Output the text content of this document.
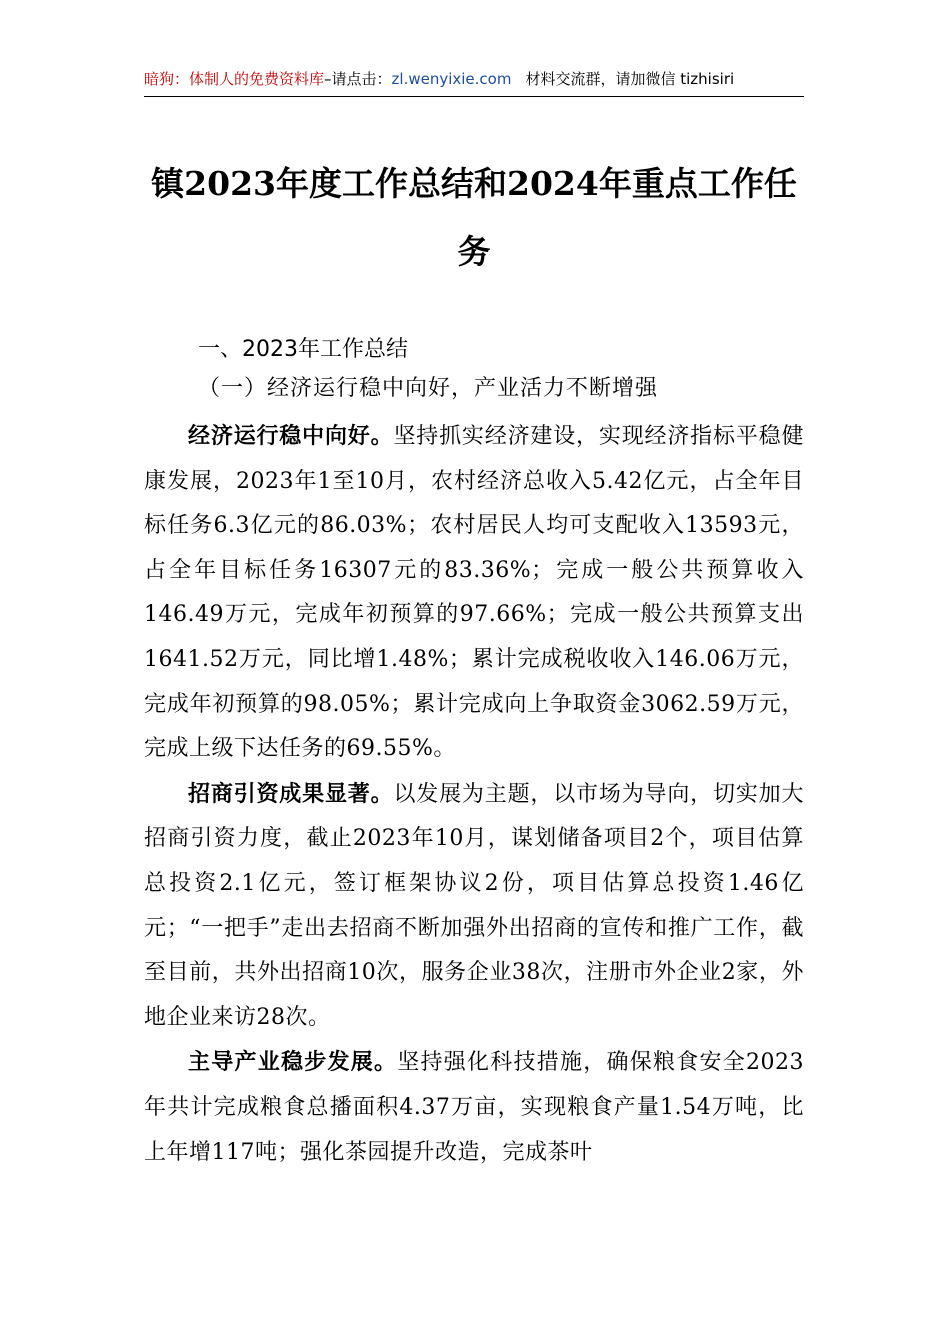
暗狗：体制人的免费资料库–请点击：zl.wenyixie.com 材料交流群，请加微信 tizhisiri
镇2023年度工作总结和2024年重点工作任务
一、2023年工作总结
（一）经济运行稳中向好，产业活力不断增强

经济运行稳中向好。坚持抓实经济建设，实现经济指标平稳健康发展，2023年1至10月，农村经济总收入5.42亿元，占全年目标任务6.3亿元的86.03%；农村居民人均可支配收入13593元，占全年目标任务16307元的83.36%；完成一般公共预算收入146.49万元，完成年初预算的97.66%；完成一般公共预算支出1641.52万元，同比增1.48%；累计完成税收收入146.06万元，完成年初预算的98.05%；累计完成向上争取资金3062.59万元，完成上级下达任务的69.55%。

招商引资成果显著。以发展为主题，以市场为导向，切实加大招商引资力度，截止2023年10月，谋划储备项目2个，项目估算总投资2.1亿元，签订框架协议2份，项目估算总投资1.46亿元；“一把手”走出去招商不断加强外出招商的宣传和推广工作，截至目前，共外出招商10次，服务企业38次，注册市外企业2家，外地企业来访28次。

主导产业稳步发展。坚持强化科技措施，确保粮食安全2023年共计完成粮食总播面积4.37万亩，实现粮食产量1.54万吨，比上年增117吨；强化茶园提升改造，完成茶叶
